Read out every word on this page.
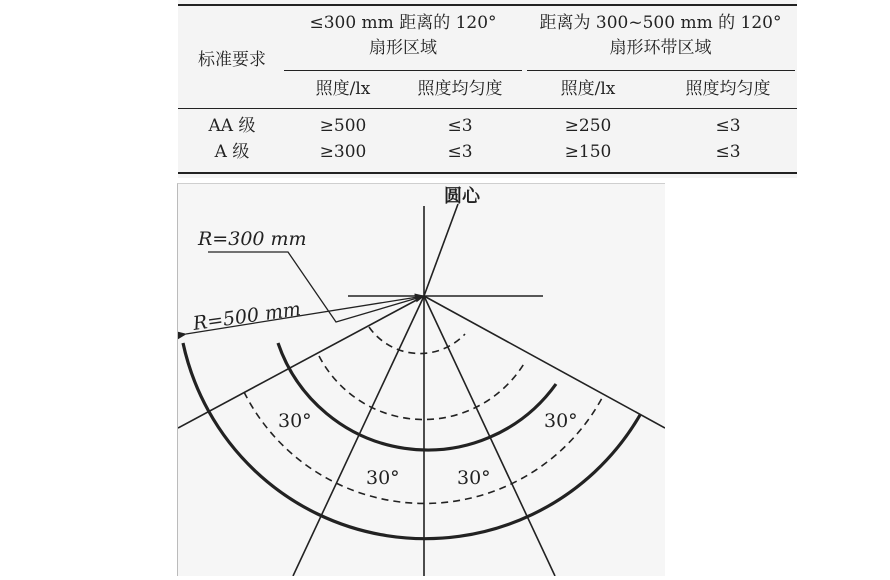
标准要求
≤300 mm 距离的 120°
扇形区域
距离为 300~500 mm 的 120°
扇形环带区域
照度/lx	照度均匀度	照度/lx	照度均匀度
AA 级	≥500	≤3	≥250	≤3
A 级	≥300	≤3	≥150	≤3
圆心
R=300 mm
R=500 mm
30°
30°	30°
30°
